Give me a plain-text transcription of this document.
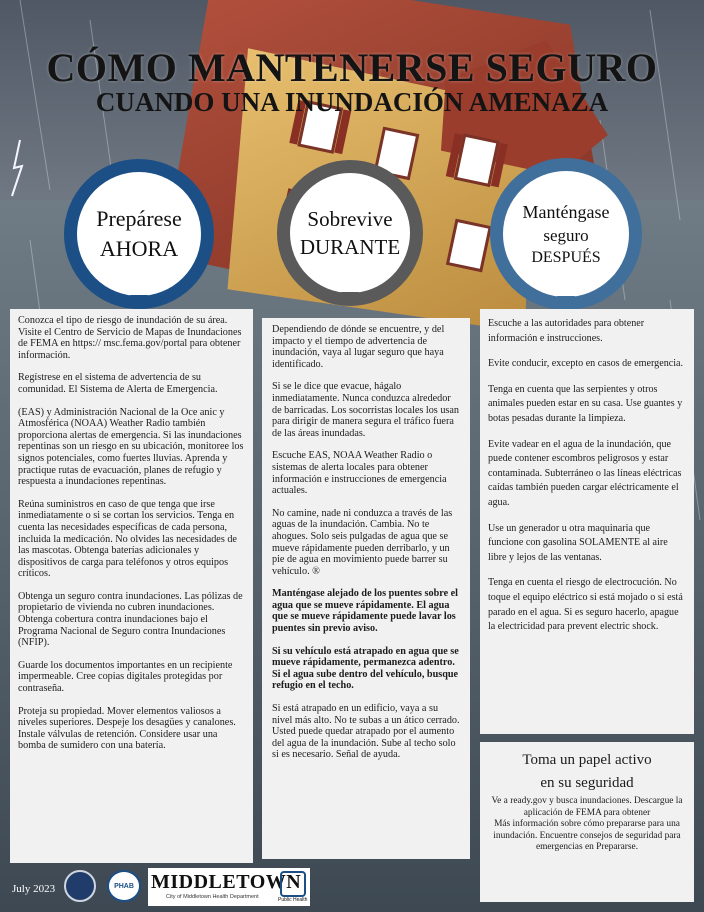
CÓMO MANTENERSE SEGURO
CUANDO UNA INUNDACIÓN AMENAZA
Prepárese
AHORA
Sobrevive
DURANTE
Manténgase
seguro
DESPUÉS

Conozca el tipo de riesgo de inundación de su área. Visite el Centro de Servicio de Mapas de Inundaciones de FEMA en https:// msc.fema.gov/portal para obtener información.

Regístrese en el sistema de advertencia de su comunidad. El Sistema de Alerta de Emergencia.

(EAS) y Administración Nacional de la Oce anic y Atmosférica (NOAA) Weather Radio también proporciona alertas de emergencia. Si las inundaciones repentinas son un riesgo en su ubicación, monitoree los signos potenciales, como fuertes lluvias. Aprenda y practique rutas de evacuación, planes de refugio y respuesta a inundaciones repentinas.

Reúna suministros en caso de que tenga que irse inmediatamente o si se cortan los servicios. Tenga en cuenta las necesidades específicas de cada persona, incluida la medicación. No olvides las necesidades de las mascotas. Obtenga baterías adicionales y dispositivos de carga para teléfonos y otros equipos críticos.

Obtenga un seguro contra inundaciones. Las pólizas de propietario de vivienda no cubren inundaciones. Obtenga cobertura contra inundaciones bajo el Programa Nacional de Seguro contra Inundaciones (NFIP).

Guarde los documentos importantes en un recipiente impermeable. Cree copias digitales protegidas por contraseña.

Proteja su propiedad. Mover elementos valiosos a niveles superiores. Despeje los desagües y canalones. Instale válvulas de retención. Considere usar una bomba de sumidero con una batería.

Dependiendo de dónde se encuentre, y del impacto y el tiempo de advertencia de inundación, vaya al lugar seguro que haya identificado.

Si se le dice que evacue, hágalo inmediatamente. Nunca conduzca alrededor de barricadas. Los socorristas locales los usan para dirigir de manera segura el tráfico fuera de las áreas inundadas.

Escuche EAS, NOAA Weather Radio o sistemas de alerta locales para obtener información e instrucciones de emergencia actuales.

No camine, nade ni conduzca a través de las aguas de la inundación. Cambia. No te ahogues. Solo seis pulgadas de agua que se mueve rápidamente pueden derribarlo, y un pie de agua en movimiento puede barrer su vehículo. ®

Manténgase alejado de los puentes sobre el agua que se mueve rápidamente. El agua que se mueve rápidamente puede lavar los puentes sin previo aviso.

Si su vehículo está atrapado en agua que se mueve rápidamente, permanezca adentro. Si el agua sube dentro del vehículo, busque refugio en el techo.

Si está atrapado en un edificio, vaya a su nivel más alto. No te subas a un ático cerrado. Usted puede quedar atrapado por el aumento del agua de la inundación. Sube al techo solo si es necesario. Señal de ayuda.

Escuche a las autoridades para obtener información e instrucciones.

Evite conducir, excepto en casos de emergencia.

Tenga en cuenta que las serpientes y otros animales pueden estar en su casa. Use guantes y botas pesadas durante la limpieza.

Evite vadear en el agua de la inundación, que puede contener escombros peligrosos y estar contaminada. Subterráneo o las líneas eléctricas caídas también pueden cargar eléctricamente el agua.

Use un generador u otra maquinaria que funcione con gasolina SOLAMENTE al aire libre y lejos de las ventanas.

Tenga en cuenta el riesgo de electrocución. No toque el equipo eléctrico si está mojado o si está parado en el agua. Si es seguro hacerlo, apague la electricidad para prevent electric shock.

Toma un papel activo
en su seguridad
Ve a ready.gov y busca inundaciones. Descargue la aplicación de FEMA para obtener
Más información sobre cómo prepararse para una inundación. Encuentre consejos de seguridad para emergencias en Prepararse.
July 2023	PHAB MIDDLETOWN
City of Middletown Health Department	Public Health
